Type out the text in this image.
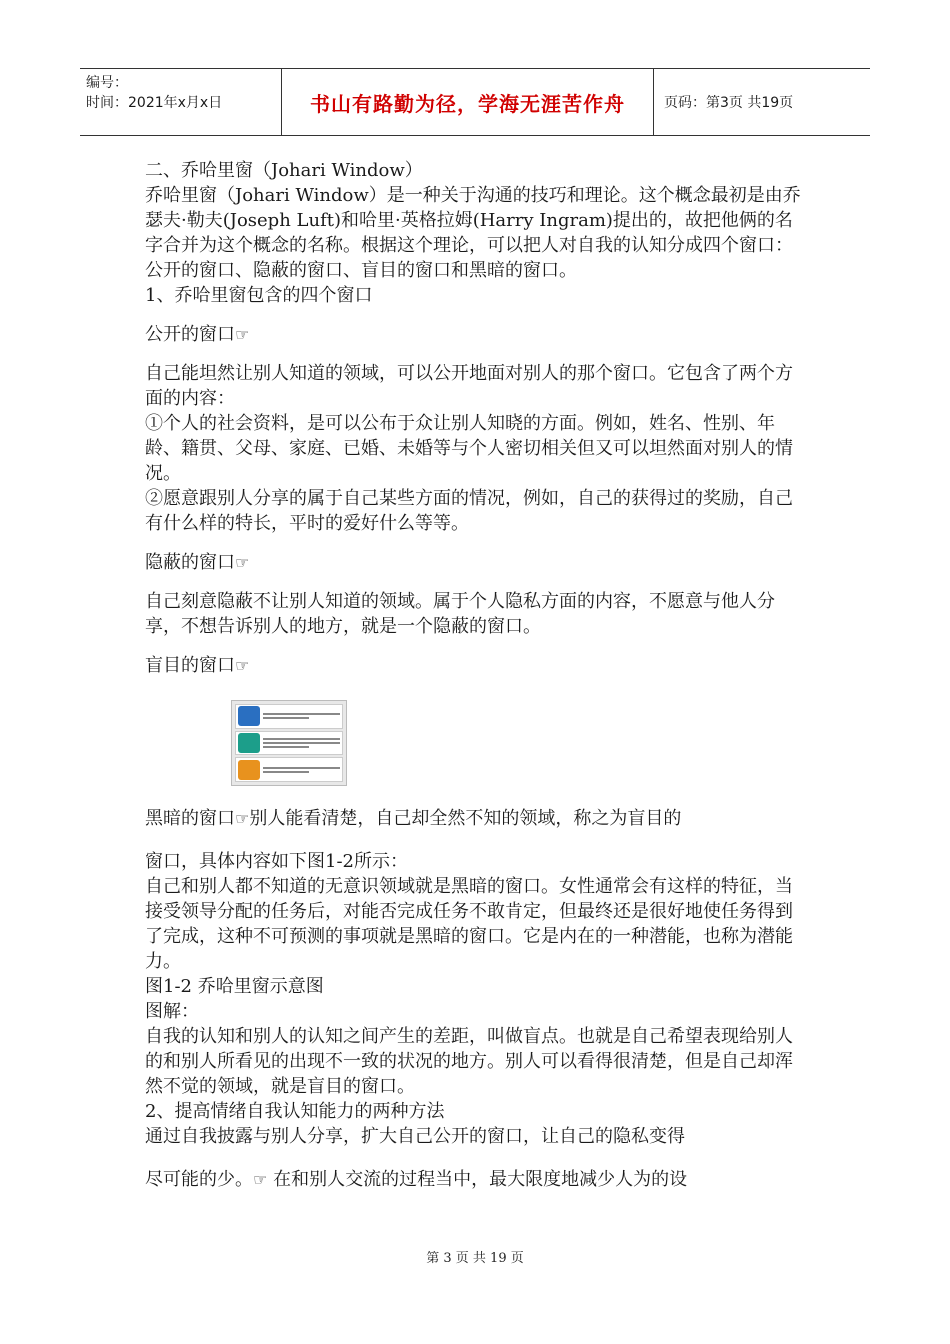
编号：
时间：2021年x月x日	书山有路勤为径，学海无涯苦作舟	页码：第3页 共19页

二、乔哈里窗（Johari Window）

乔哈里窗（Johari Window）是一种关于沟通的技巧和理论。这个概念最初是由乔瑟夫·勒夫(Joseph Luft)和哈里·英格拉姆(Harry Ingram)提出的，故把他俩的名字合并为这个概念的名称。根据这个理论，可以把人对自我的认知分成四个窗口：公开的窗口、隐蔽的窗口、盲目的窗口和黑暗的窗口。

1、乔哈里窗包含的四个窗口

公开的窗口☞

自己能坦然让别人知道的领域，可以公开地面对别人的那个窗口。它包含了两个方面的内容：

①个人的社会资料，是可以公布于众让别人知晓的方面。例如，姓名、性别、年龄、籍贯、父母、家庭、已婚、未婚等与个人密切相关但又可以坦然面对别人的情况。

②愿意跟别人分享的属于自己某些方面的情况，例如，自己的获得过的奖励，自己有什么样的特长，平时的爱好什么等等。

隐蔽的窗口☞

自己刻意隐蔽不让别人知道的领域。属于个人隐私方面的内容，不愿意与他人分享，不想告诉别人的地方，就是一个隐蔽的窗口。

盲目的窗口☞

黑暗的窗口☞别人能看清楚，自己却全然不知的领域，称之为盲目的

窗口，具体内容如下图1-2所示：

自己和别人都不知道的无意识领域就是黑暗的窗口。女性通常会有这样的特征，当接受领导分配的任务后，对能否完成任务不敢肯定，但最终还是很好地使任务得到了完成，这种不可预测的事项就是黑暗的窗口。它是内在的一种潜能，也称为潜能力。

图1-2 乔哈里窗示意图

图解：

自我的认知和别人的认知之间产生的差距，叫做盲点。也就是自己希望表现给别人的和别人所看见的出现不一致的状况的地方。别人可以看得很清楚，但是自己却浑然不觉的领域，就是盲目的窗口。

2、提高情绪自我认知能力的两种方法

通过自我披露与别人分享，扩大自己公开的窗口，让自己的隐私变得

尽可能的少。☞ 在和别人交流的过程当中，最大限度地减少人为的设

第 3 页 共 19 页
